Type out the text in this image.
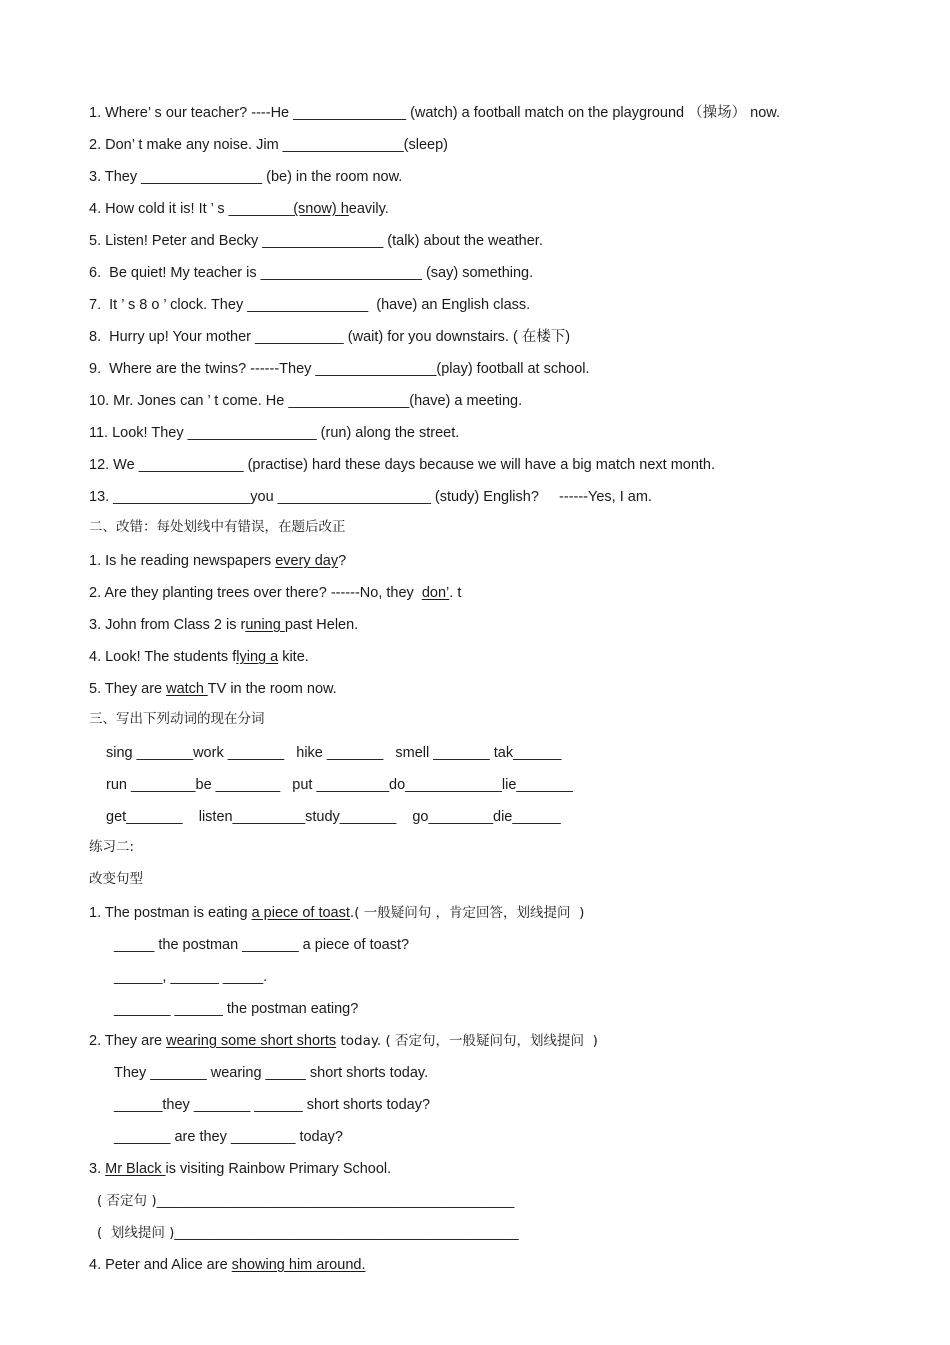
1. Where’ s our teacher? ----He ______________ (watch) a football match on the playground （操场） now.
2. Don’ t make any noise. Jim _______________(sleep)
3. They _______________ (be) in the room now.
4. How cold it is! It ’ s ________(snow) heavily.
5. Listen! Peter and Becky _______________ (talk) about the weather.
6.  Be quiet! My teacher is ____________________ (say) something.
7.  It ’ s 8 o ’ clock. They _______________  (have) an English class.
8.  Hurry up! Your mother ___________ (wait) for you downstairs. ( 在楼下)
9.  Where are the twins? ------They _______________(play) football at school.
10. Mr. Jones can ’ t come. He _______________(have) a meeting.
11. Look! They ________________ (run) along the street.
12. We _____________ (practise) hard these days because we will have a big match next month.
13. _________________you ___________________ (study) English?     ------Yes, I am.
二、改错：每处划线中有错误，在题后改正
1. Is he reading newspapers every day?
2. Are they planting trees over there? ------No, they  don’. t
3. John from Class 2 is runing past Helen.
4. Look! The students flying a kite.
5. They are watch TV in the room now.
三、写出下列动词的现在分词
sing _______work _______   hike _______   smell _______ tak______
run ________be ________   put _________do____________lie_______
get_______    listen_________study_______    go________die______
练习二:
改变句型
1. The postman is eating a piece of toast.( 一般疑问句 ，肯定回答，划线提问  )
_____ the postman _______ a piece of toast?
______, ______ _____.
_______ ______ the postman eating?
2. They are wearing some short shorts today. ( 否定句，一般疑问句，划线提问  )
They _______ wearing _____ short shorts today.
______they _______ ______ short shorts today?
_______ are they ________ today?
3. Mr Black is visiting Rainbow Primary School.
( 否定句 )_____________________________________________________
(  划线提问 )___________________________________________________
4. Peter and Alice are showing him around.
